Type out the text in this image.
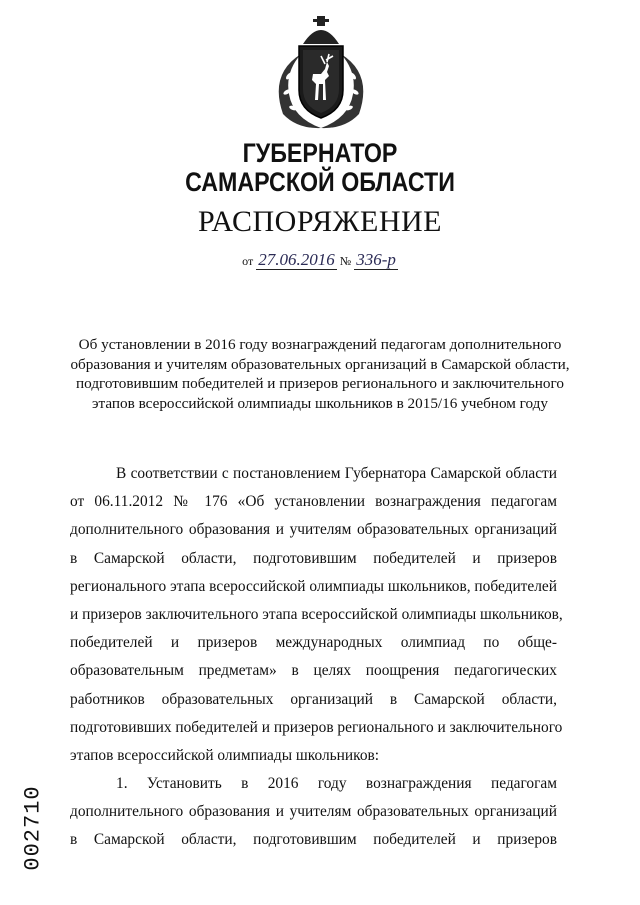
ГУБЕРНАТОР
САМАРСКОЙ ОБЛАСТИ
РАСПОРЯЖЕНИЕ
от 27.06.2016 № 336-р
Об установлении в 2016 году вознаграждений педагогам дополнительного
образования и учителям образовательных организаций в Самарской области,
подготовившим победителей и призеров регионального и заключительного
этапов всероссийской олимпиады школьников в 2015/16 учебном году
В соответствии с постановлением Губернатора Самарской области
от 06.11.2012 № 176 «Об установлении вознаграждения педагогам
дополнительного образования и учителям образовательных организаций
в Самарской области, подготовившим победителей и призеров
регионального этапа всероссийской олимпиады школьников, победителей
и призеров заключительного этапа всероссийской олимпиады школьников,
победителей и призеров международных олимпиад по обще-
образовательным предметам» в целях поощрения педагогических
работников образовательных организаций в Самарской области,
подготовивших победителей и призеров регионального и заключительного
этапов всероссийской олимпиады школьников:
1. Установить в 2016 году вознаграждения педагогам
дополнительного образования и учителям образовательных организаций
в Самарской области, подготовившим победителей и призеров
002710
